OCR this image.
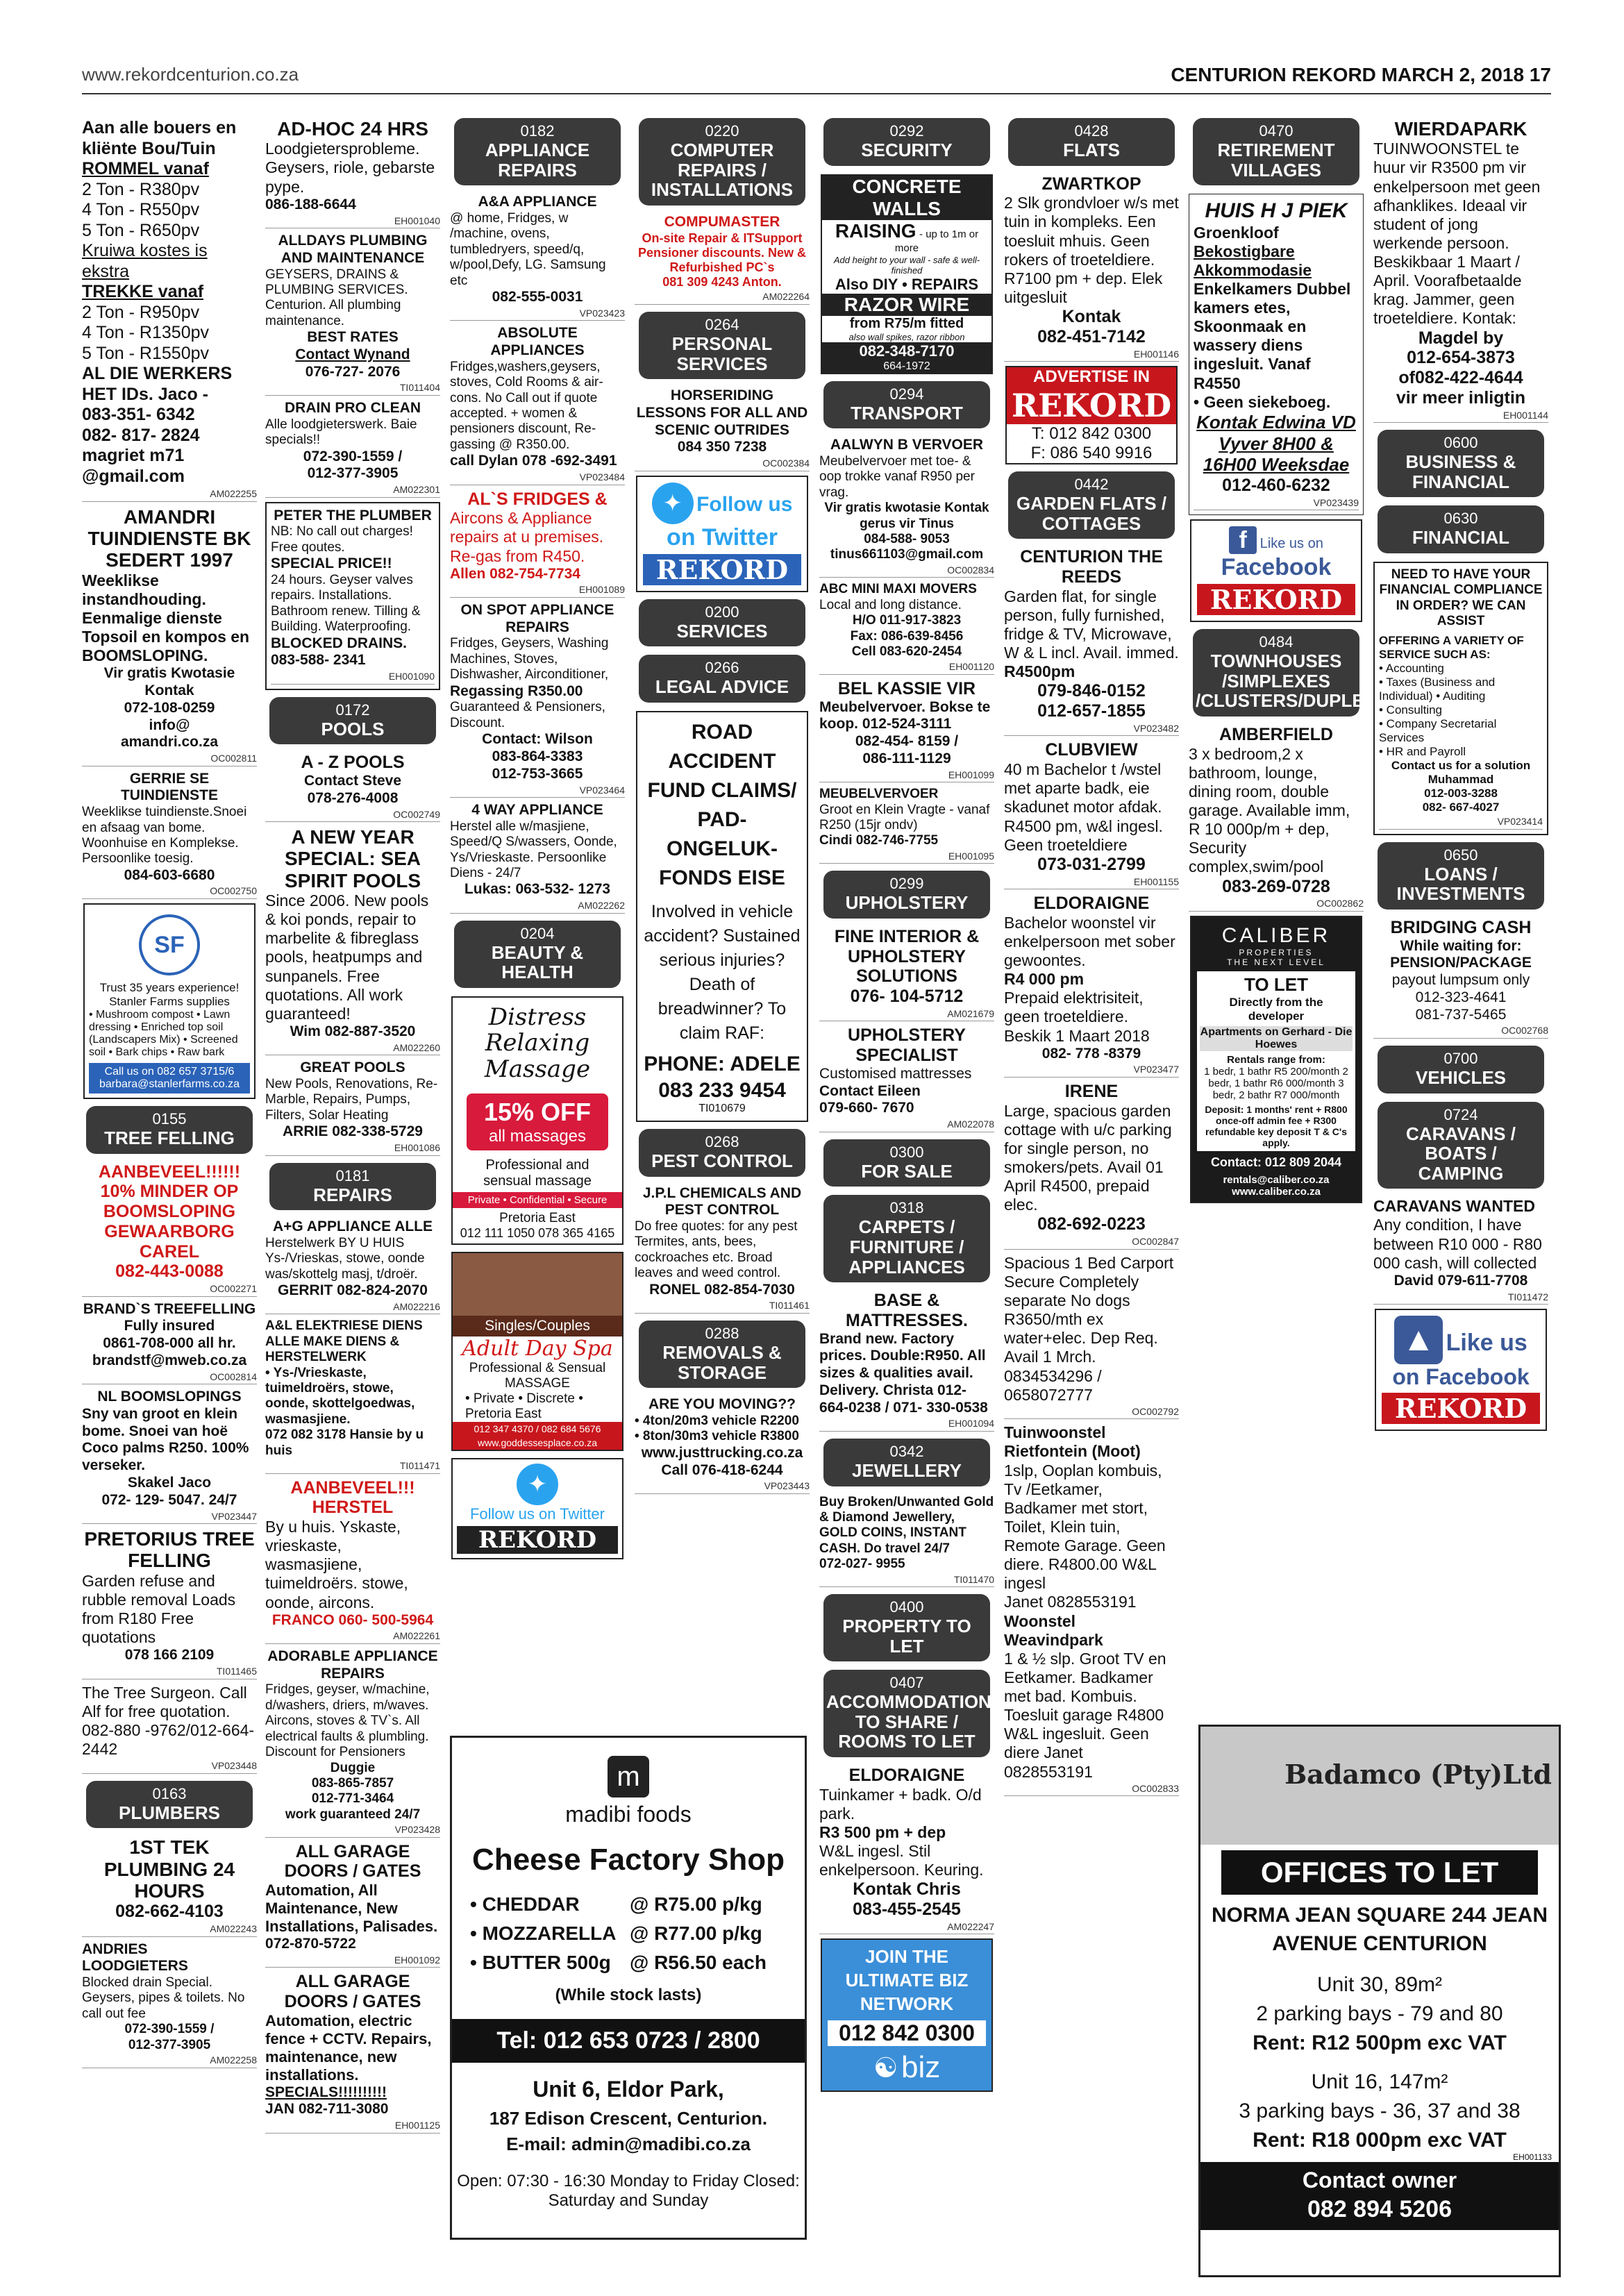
www.rekordcenturion.co.za	CENTURION REKORD MARCH 2, 2018 17
Aan alle bouers en kliënte Bou/Tuin
ROMMEL vanaf
2 Ton - R380pv
4 Ton - R550pv
5 Ton - R650pv
Kruiwa kostes is ekstra
TREKKE vanaf
2 Ton - R950pv
4 Ton - R1350pv
5 Ton - R1550pv
AL DIE WERKERS HET IDs. Jaco -
083-351- 6342
082- 817- 2824
magriet m71 @gmail.com
AM022255
AMANDRI TUINDIENSTE BK SEDERT 1997
Weeklikse instandhouding. Eenmalige dienste Topsoil en kompos en BOOMSLOPING.
Vir gratis Kwotasie Kontak
072-108-0259
info@
amandri.co.za
OC002811
GERRIE SE TUINDIENSTE
Weeklikse tuindienste.Snoei en afsaag van bome. Woonhuise en Komplekse. Persoonlike toesig.
084-603-6680
OC002750
SF
Trust 35 years experience! Stanler Farms supplies
• Mushroom compost • Lawn dressing • Enriched top soil (Landscapers Mix) • Screened soil • Bark chips • Raw bark
Call us on 082 657 3715/6 barbara@stanlerfarms.co.za
0155
TREE FELLING
AANBEVEEL!!!!!! 10% MINDER OP BOOMSLOPING GEWAARBORG CAREL
082-443-0088
OC002271
BRAND`S TREEFELLING
Fully insured
0861-708-000 all hr.
brandstf@mweb.co.za
OC002814
NL BOOMSLOPINGS
Sny van groot en klein bome. Snoei van hoë Coco palms R250. 100% verseker.
Skakel Jaco
072- 129- 5047. 24/7
VP023447
PRETORIUS TREE FELLING
Garden refuse and rubble removal Loads from R180 Free quotations
078 166 2109
TI011465
The Tree Surgeon. Call Alf for free quotation. 082-880 -9762/012-664-2442
VP023448
0163
PLUMBERS
1ST TEK PLUMBING 24 HOURS
082-662-4103
AM022243
ANDRIES LOODGIETERS
Blocked drain Special. Geysers, pipes & toilets. No call out fee
072-390-1559 /
012-377-3905
AM022258
AD-HOC 24 HRS
Loodgietersprobleme. Geysers, riole, gebarste pype.
086-188-6644
EH001040
ALLDAYS PLUMBING AND MAINTENANCE
GEYSERS, DRAINS & PLUMBING SERVICES. Centurion. All plumbing maintenance.
BEST RATES
Contact Wynand
076-727- 2076
TI011404
DRAIN PRO CLEAN
Alle loodgieterswerk. Baie specials!!
072-390-1559 /
012-377-3905
AM022301
PETER THE PLUMBER
NB: No call out charges! Free qoutes.
SPECIAL PRICE!!
24 hours. Geyser valves repairs. Installations. Bathroom renew. Tilling & Building. Waterproofing.
BLOCKED DRAINS.
083-588- 2341
EH001090
0172
POOLS
A - Z POOLS
Contact Steve
078-276-4008
OC002749
A NEW YEAR SPECIAL: SEA SPIRIT POOLS
Since 2006. New pools & koi ponds, repair to marbelite & fibreglass pools, heatpumps and sunpanels. Free quotations. All work guaranteed!
Wim 082-887-3520
AM022260
GREAT POOLS
New Pools, Renovations, Re-Marble, Repairs, Pumps, Filters, Solar Heating
ARRIE 082-338-5729
EH001086
0181
REPAIRS
A+G APPLIANCE ALLE
Herstelwerk BY U HUIS Ys-/Vrieskas, stowe, oonde was/skottelg masj, t/droër.
GERRIT 082-824-2070
AM022216
A&L ELEKTRIESE DIENS ALLE MAKE DIENS & HERSTELWERK
• Ys-/Vrieskaste, tuimeldroërs, stowe, oonde, skottelgoedwas, wasmasjiene.
072 082 3178 Hansie by u huis
TI011471
AANBEVEEL!!! HERSTEL
By u huis. Yskaste, vrieskaste, wasmasjiene, tuimeldroërs. stowe, oonde, aircons.
FRANCO 060- 500-5964
AM022261
ADORABLE APPLIANCE REPAIRS
Fridges, geyser, w/machine, d/washers, driers, m/waves. Aircons, stoves & TV`s. All electrical faults & plumbling. Discount for Pensioners
Duggie
083-865-7857
012-771-3464
work guaranteed 24/7
VP023428
ALL GARAGE DOORS / GATES
Automation, All Maintenance, New Installations, Palisades.
072-870-5722
EH001092
ALL GARAGE DOORS / GATES
Automation, electric fence + CCTV. Repairs, maintenance, new installations.
SPECIALS!!!!!!!!!!
JAN 082-711-3080
EH001125
0182
APPLIANCE REPAIRS
A&A APPLIANCE
@ home, Fridges, w /machine, ovens, tumbledryers, speed/q, w/pool,Defy, LG. Samsung etc
082-555-0031
VP023423
ABSOLUTE APPLIANCES
Fridges,washers,geysers, stoves, Cold Rooms & air-cons. No Call out if quote accepted. + women & pensioners discount, Re-gassing @ R350.00.
call Dylan 078 -692-3491
VP023484
AL`S FRIDGES &
Aircons & Appliance repairs at u premises. Re-gas from R450.
Allen 082-754-7734
EH001089
ON SPOT APPLIANCE REPAIRS
Fridges, Geysers, Washing Machines, Stoves, Dishwasher, Airconditioner,
Regassing R350.00
Guaranteed & Pensioners, Discount.
Contact: Wilson
083-864-3383
012-753-3665
VP023464
4 WAY APPLIANCE
Herstel alle w/masjiene, Speed/Q S/wassers, Oonde, Ys/Vrieskaste. Persoonlike Diens - 24/7
Lukas: 063-532- 1273
AM022262
0204
BEAUTY & HEALTH
Distress Relaxing Massage
15% OFF
all massages
Professional and sensual massage
Private • Confidential • Secure
Pretoria East
012 111 1050 078 365 4165
Singles/Couples
Adult Day Spa
Professional & Sensual MASSAGE
• Private • Discrete • Pretoria East
012 347 4370 / 082 684 5676
www.goddessesplace.co.za
✦
Follow us on Twitter
REKORD
0220
COMPUTER REPAIRS / INSTALLATIONS
COMPUMASTER
On-site Repair & ITSupport Pensioner discounts. New & Refurbished PC`s
081 309 4243 Anton.
AM022264
0264
PERSONAL SERVICES
HORSERIDING LESSONS FOR ALL AND SCENIC OUTRIDES
084 350 7238
OC002384
✦ Follow us
on Twitter
REKORD
0200
SERVICES
0266
LEGAL ADVICE
ROAD ACCIDENT FUND CLAIMS/ PAD-ONGELUK-FONDS EISE
Involved in vehicle accident? Sustained serious injuries? Death of breadwinner? To claim RAF:
PHONE: ADELE
083 233 9454
TI010679
0268
PEST CONTROL
J.P.L CHEMICALS AND PEST CONTROL
Do free quotes: for any pest Termites, ants, bees, cockroaches etc. Broad leaves and weed control.
RONEL 082-854-7030
TI011461
0288
REMOVALS & STORAGE
ARE YOU MOVING??
• 4ton/20m3 vehicle R2200
• 8ton/30m3 vehicle R3800
www.justtrucking.co.za
Call 076-418-6244
VP023443
m
madibi foods
Cheese Factory Shop
• CHEDDAR	@ R75.00 p/kg
• MOZZARELLA @ R77.00 p/kg
• BUTTER 500g @ R56.50 each
(While stock lasts)
Tel: 012 653 0723 / 2800
Unit 6, Eldor Park,
187 Edison Crescent, Centurion.
E-mail: admin@madibi.co.za
Open: 07:30 - 16:30 Monday to Friday Closed: Saturday and Sunday
0292
SECURITY
CONCRETE WALLS
RAISING - up to 1m or more
Add height to your wall - safe & well-finished
Also DIY • REPAIRS
RAZOR WIRE
from R75/m fitted
also wall spikes, razor ribbon
082-348-7170
664-1972
0294
TRANSPORT
AALWYN B VERVOER
Meubelvervoer met toe- & oop trokke vanaf R950 per vrag.
Vir gratis kwotasie Kontak gerus vir Tinus
084-588- 9053
tinus661103@gmail.com
OC002834
ABC MINI MAXI MOVERS
Local and long distance.
H/O 011-917-3823
Fax: 086-639-8456
Cell 083-620-2454
EH001120
BEL KASSIE VIR
Meubelvervoer. Bokse te koop. 012-524-3111
082-454- 8159 /
086-111-1129
EH001099
MEUBELVERVOER
Groot en Klein Vragte - vanaf R250 (15jr ondv)
Cindi 082-746-7755
EH001095
0299
UPHOLSTERY
FINE INTERIOR & UPHOLSTERY SOLUTIONS
076- 104-5712
AM021679
UPHOLSTERY SPECIALIST
Customised mattresses
Contact Eileen
079-660- 7670
AM022078
0300
FOR SALE
0318
CARPETS / FURNITURE / APPLIANCES
BASE & MATTRESSES.
Brand new. Factory prices. Double:R950. All sizes & qualities avail. Delivery. Christa 012-664-0238 / 071- 330-0538
EH001094
0342
JEWELLERY
Buy Broken/Unwanted Gold & Diamond Jewellery, GOLD COINS, INSTANT CASH. Do travel 24/7
072-027- 9955
TI011470
0400
PROPERTY TO LET
0407
ACCOMMODATION TO SHARE / ROOMS TO LET
ELDORAIGNE
Tuinkamer + badk. O/d park.
R3 500 pm + dep
W&L ingesl. Stil enkelpersoon. Keuring.
Kontak Chris
083-455-2545
AM022247
JOIN THE ULTIMATE BIZ NETWORK
012 842 0300
☯ biz
0428
FLATS
ZWARTKOP
2 Slk grondvloer w/s met tuin in kompleks. Een toesluit mhuis. Geen rokers of troeteldiere. R7100 pm + dep. Elek uitgesluit
Kontak
082-451-7142
EH001146
ADVERTISE IN
REKORD
T: 012 842 0300
F: 086 540 9916
0442
GARDEN FLATS / COTTAGES
CENTURION THE REEDS
Garden flat, for single person, fully furnished, fridge & TV, Microwave, W & L incl. Avail. immed.
R4500pm
079-846-0152
012-657-1855
VP023482
CLUBVIEW
40 m Bachelor t /wstel met aparte badk, eie skadunet motor afdak. R4500 pm, w&l ingesl. Geen troeteldiere
073-031-2799
EH001155
ELDORAIGNE
Bachelor woonstel vir enkelpersoon met sober gewoontes.
R4 000 pm
Prepaid elektrisiteit, geen troeteldiere. Beskik 1 Maart 2018
082- 778 -8379
VP023477
IRENE
Large, spacious garden cottage with u/c parking for single person, no smokers/pets. Avail 01 April R4500, prepaid elec.
082-692-0223
OC002847
Spacious 1 Bed Carport Secure Completely separate No dogs R3650/mth ex water+elec. Dep Req. Avail 1 Mrch. 0834534296 / 0658072777
OC002792
Tuinwoonstel Rietfontein (Moot)
1slp, Ooplan kombuis, Tv /Eetkamer, Badkamer met stort, Toilet, Klein tuin, Remote Garage. Geen diere. R4800.00 W&L ingesl
Janet 0828553191
Woonstel Weavindpark
1 & ½ slp. Groot TV en Eetkamer. Badkamer met bad. Kombuis. Toesluit garage R4800 W&L ingesluit. Geen diere Janet
0828553191
OC002833
0470
RETIREMENT VILLAGES
HUIS H J PIEK
Groenkloof
Bekostigbare
Akkommodasie
Enkelkamers Dubbel kamers etes, Skoonmaak en wassery diens ingesluit. Vanaf R4550
• Geen siekeboeg.
Kontak Edwina VD Vyver 8H00 & 16H00 Weeksdae
012-460-6232
VP023439
f Like us on
Facebook
REKORD
0484
TOWNHOUSES /SIMPLEXES /CLUSTERS/DUPLEXES
AMBERFIELD
3 x bedroom,2 x bathroom, lounge, dining room, double garage. Available imm, R 10 000p/m + dep, Security complex,swim/pool
083-269-0728
OC002862
CALIBER
PROPERTIES
THE NEXT LEVEL
TO LET
Directly from the developer
Apartments on Gerhard - Die Hoewes
Rentals range from:
1 bedr, 1 bathr R5 200/month 2 bedr, 1 bathr R6 000/month 3 bedr, 2 bathr R7 000/month
Deposit: 1 months' rent + R800 once-off admin fee + R300 refundable key deposit T & C's apply.
Contact: 012 809 2044
rentals@caliber.co.za www.caliber.co.za
Badamco (Pty)Ltd
OFFICES TO LET
NORMA JEAN SQUARE 244 JEAN AVENUE CENTURION
Unit 30, 89m²
2 parking bays - 79 and 80
Rent: R12 500pm exc VAT
Unit 16, 147m²
3 parking bays - 36, 37 and 38
Rent: R18 000pm exc VAT
EH001133
Contact owner
082 894 5206
WIERDAPARK
TUINWOONSTEL te huur vir R3500 pm vir enkelpersoon met geen afhanklikes. Ideaal vir student of jong werkende persoon. Beskikbaar 1 Maart / April. Voorafbetaalde krag. Jammer, geen troeteldiere. Kontak:
Magdel by
012-654-3873
of082-422-4644
vir meer inligtin
EH001144
0600
BUSINESS & FINANCIAL
0630
FINANCIAL
NEED TO HAVE YOUR FINANCIAL COMPLIANCE IN ORDER? WE CAN ASSIST
OFFERING A VARIETY OF SERVICE SUCH AS:
• Accounting
• Taxes (Business and Individual) • Auditing
• Consulting
• Company Secretarial Services
• HR and Payroll
Contact us for a solution
Muhammad
012-003-3288
082- 667-4027
VP023414
0650
LOANS / INVESTMENTS
BRIDGING CASH
While waiting for: PENSION/PACKAGE
payout lumpsum only
012-323-4641
081-737-5465
OC002768
0700
VEHICLES
0724
CARAVANS / BOATS / CAMPING
CARAVANS WANTED
Any condition, I have between R10 000 - R80 000 cash, will collected
David 079-611-7708
TI011472
▲ Like us
on Facebook
REKORD
